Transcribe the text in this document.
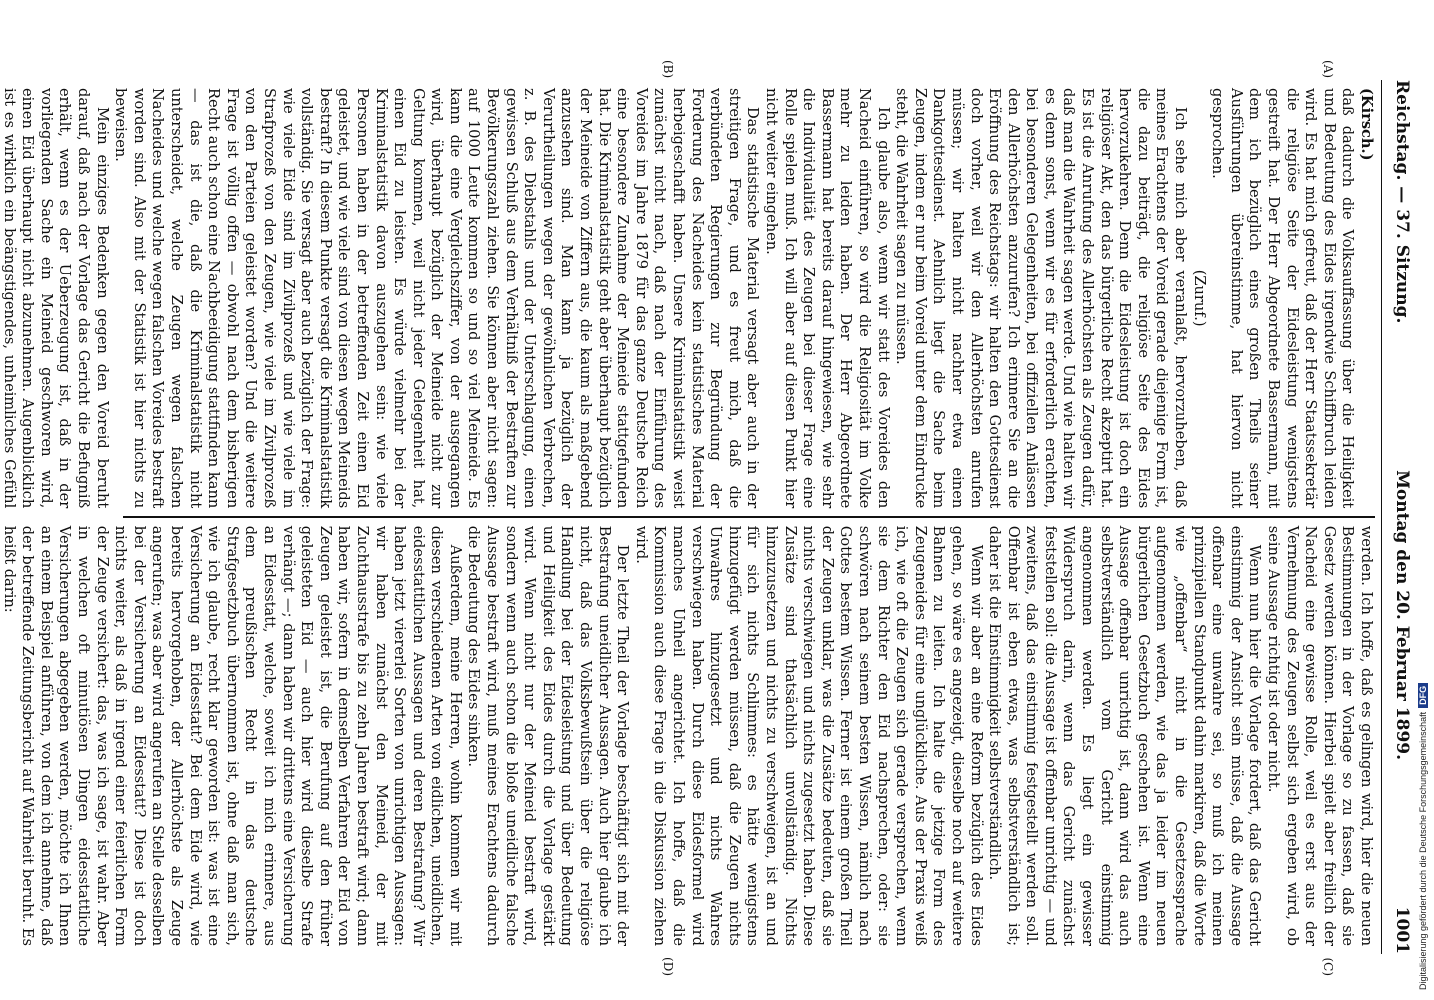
Reichstag. — 37. Sitzung.
Montag den 20. Februar 1899.
1001

(Kirsch.)

daß dadurch die Volksauffassung über die Heiligkeit und Bedeutung des Eides irgendwie Schiffbruch leiden wird. Es hat mich gefreut, daß der Herr Staatssekretär die religiöse Seite der Eidesleistung wenigstens gestreift hat. Der Herr Abgeordnete Bassermann, mit dem ich bezüglich eines großen Theils seiner Ausführungen übereinstimme, hat hiervon nicht gesprochen.

(Zuruf.)

Ich sehe mich aber veranlaßt, hervorzuheben, daß meines Erachtens der Voreid gerade diejenige Form ist, die dazu beiträgt, die religiöse Seite des Eides hervorzukehren. Denn die Eidesleistung ist doch ein religiöser Akt, den das bürgerliche Recht akzeptirt hat. Es ist die Anrufung des Allerhöchsten als Zeugen dafür, daß man die Wahrheit sagen werde. Und wie halten wir es denn sonst, wenn wir es für erforderlich erachten, bei besonderen Gelegenheiten, bei offiziellen Anlässen den Allerhöchsten anzurufen? Ich erinnere Sie an die Eröffnung des Reichstags: wir halten den Gottesdienst doch vorher, weil wir den Allerhöchsten anrufen müssen; wir halten nicht nachher etwa einen Dankgottesdienst. Aehnlich liegt die Sache beim Zeugen, indem er nur beim Voreid unter dem Eindrucke steht, die Wahrheit sagen zu müssen.

Ich glaube also, wenn wir statt des Voreides den Nacheid einführen, so wird die Religiosität im Volke mehr zu leiden haben. Der Herr Abgeordnete Bassermann hat bereits darauf hingewiesen, wie sehr die Individualität des Zeugen bei dieser Frage eine Rolle spielen muß. Ich will aber auf diesen Punkt hier nicht weiter eingehen.

Das statistische Material versagt aber auch in der streitigen Frage, und es freut mich, daß die verbündeten Regierungen zur Begründung der Forderung des Nacheides kein statistisches Material herbeigeschafft haben. Unsere Kriminalstatistik weist zunächst nicht nach, daß nach der Einführung des Voreides im Jahre 1879 für das ganze Deutsche Reich eine besondere Zunahme der Meineide stattgefunden hat. Die Kriminalstatistik geht aber überhaupt bezüglich der Meineide von Ziffern aus, die kaum als maßgebend anzusehen sind. Man kann ja bezüglich der Verurtheilungen wegen der gewöhnlichen Verbrechen, z. B. des Diebstahls und der Unterschlagung, einen gewissen Schluß aus dem Verhältniß der Bestraften zur Bevölkerungszahl ziehen. Sie können aber nicht sagen: auf 1000 Leute kommen so und so viel Meineide. Es kann die eine Vergleichsziffer, von der ausgegangen wird, überhaupt bezüglich der Meineide nicht zur Geltung kommen, weil nicht jeder Gelegenheit hat, einen Eid zu leisten. Es würde vielmehr bei der Kriminalstatistik davon auszugehen sein: wie viele Personen haben in der betreffenden Zeit einen Eid geleistet, und wie viele sind von diesen wegen Meineids bestraft? In diesem Punkte versagt die Kriminalstatistik vollständig. Sie versagt aber auch bezüglich der Frage: wie viele Eide sind im Zivilprozeß und wie viele im Strafprozeß von den Zeugen, wie viele im Zivilprozeß von den Parteien geleistet worden? Und die weitere Frage ist völlig offen — obwohl nach dem bisherigen Recht auch schon eine Nachbeeidigung stattfinden kann — das ist die, daß die Kriminalstatistik nicht unterscheidet, welche Zeugen wegen falschen Nacheides und welche wegen falschen Voreides bestraft worden sind. Also mit der Statistik ist hier nichts zu beweisen.

Mein einziges Bedenken gegen den Voreid beruht darauf, daß nach der Vorlage das Gericht die Befugniß erhält, wenn es der Ueberzeugung ist, daß in der vorliegenden Sache ein Meineid geschworen wird, einen Eid überhaupt nicht abzunehmen. Augenblicklich ist es wirklich ein beängstigendes, unheimliches Gefühl

werden. Ich hoffe, daß es gelingen wird, hier die neuen Bestimmungen in der Vorlage so zu fassen, daß sie Gesetz werden können. Hierbei spielt aber freilich der Nacheid eine gewisse Rolle, weil es erst aus der Vernehmung des Zeugen selbst sich ergeben wird, ob seine Aussage richtig ist oder nicht.

Wenn nun hier die Vorlage fordert, daß das Gericht einstimmig der Ansicht sein müsse, daß die Aussage offenbar eine unwahre sei, so muß ich meinen prinzipiellen Standpunkt dahin markiren, daß die Worte wie „offenbar“ nicht in die Gesetzessprache aufgenommen werden, wie das ja leider im neuen bürgerlichen Gesetzbuch geschehen ist. Wenn eine Aussage offenbar unrichtig ist, dann wird das auch selbstverständlich vom Gericht einstimmig angenommen werden. Es liegt ein gewisser Widerspruch darin, wenn das Gericht zunächst feststellen soll: die Aussage ist offenbar unrichtig — und zweitens, daß das einstimmig festgestellt werden soll. Offenbar ist eben etwas, was selbstverständlich ist; daher ist die Einstimmigkeit selbstverständlich.

Wenn wir aber an eine Reform bezüglich des Eides gehen, so wäre es angezeigt, dieselbe noch auf weitere Bahnen zu leiten. Ich halte die jetzige Form des Zeugeneides für eine unglückliche. Aus der Praxis weiß ich, wie oft die Zeugen sich gerade versprechen, wenn sie dem Richter den Eid nachsprechen, oder: sie schwören nach seinem besten Wissen, nämlich nach Gottes bestem Wissen. Ferner ist einem großen Theil der Zeugen unklar, was die Zusätze bedeuten, daß sie nichts verschwiegen und nichts zugesetzt haben. Diese Zusätze sind thatsächlich unvollständig. Nichts hinzuzusetzen und nichts zu verschweigen, ist an und für sich nichts Schlimmes: es hätte wenigstens hinzugefügt werden müssen, daß die Zeugen nichts Unwahres hinzugesetzt und nichts Wahres verschwiegen haben. Durch diese Eidesformel wird manches Unheil angerichtet. Ich hoffe, daß die Kommission auch diese Frage in die Diskussion ziehen wird.

Der letzte Theil der Vorlage beschäftigt sich mit der Bestrafung uneidlicher Aussagen. Auch hier glaube ich nicht, daß das Volksbewußtsein über die religiöse Handlung bei der Eidesleistung und über Bedeutung und Heiligkeit des Eides durch die Vorlage gestärkt wird. Wenn nicht nur der Meineid bestraft wird, sondern wenn auch schon die bloße uneidliche falsche Aussage bestraft wird, muß meines Erachtens dadurch die Bedeutung des Eides sinken.

Außerdem, meine Herren, wohin kommen wir mit diesen verschiedenen Arten von eidlichen, uneidlichen, eidesstattlichen Aussagen und deren Bestrafung? Wir haben jetzt viererlei Sorten von unrichtigen Aussagen: wir haben zunächst den Meineid, der mit Zuchthausstrafe bis zu zehn Jahren bestraft wird; dann haben wir, sofern in demselben Verfahren der Eid von Zeugen geleistet ist, die Berufung auf den früher geleisteten Eid — auch hier wird dieselbe Strafe verhängt —; dann haben wir drittens eine Versicherung an Eidesstatt, welche, soweit ich mich erinnere, aus dem preußischen Recht in das deutsche Strafgesetzbuch übernommen ist, ohne daß man sich, wie ich glaube, recht klar geworden ist: was ist eine Versicherung an Eidesstatt? Bei dem Eide wird, wie bereits hervorgehoben, der Allerhöchste als Zeuge angerufen; was aber wird angerufen an Stelle desselben bei der Versicherung an Eidesstatt? Diese ist doch nichts weiter, als daß in irgend einer feierlichen Form der Zeuge versichert: das, was ich sage, ist wahr. Aber in welchen oft minutiösen Dingen eidesstattliche Versicherungen abgegeben werden, möchte ich Ihnen an einem Beispiel anführen, von dem ich annehme, daß der betreffende Zeitungsbericht auf Wahrheit beruht. Es heißt darin:

(A)
(B)
(C)
(D)	Digitalisierung gefördert durch die Deutsche ForschungsgemeinschaftDFG
